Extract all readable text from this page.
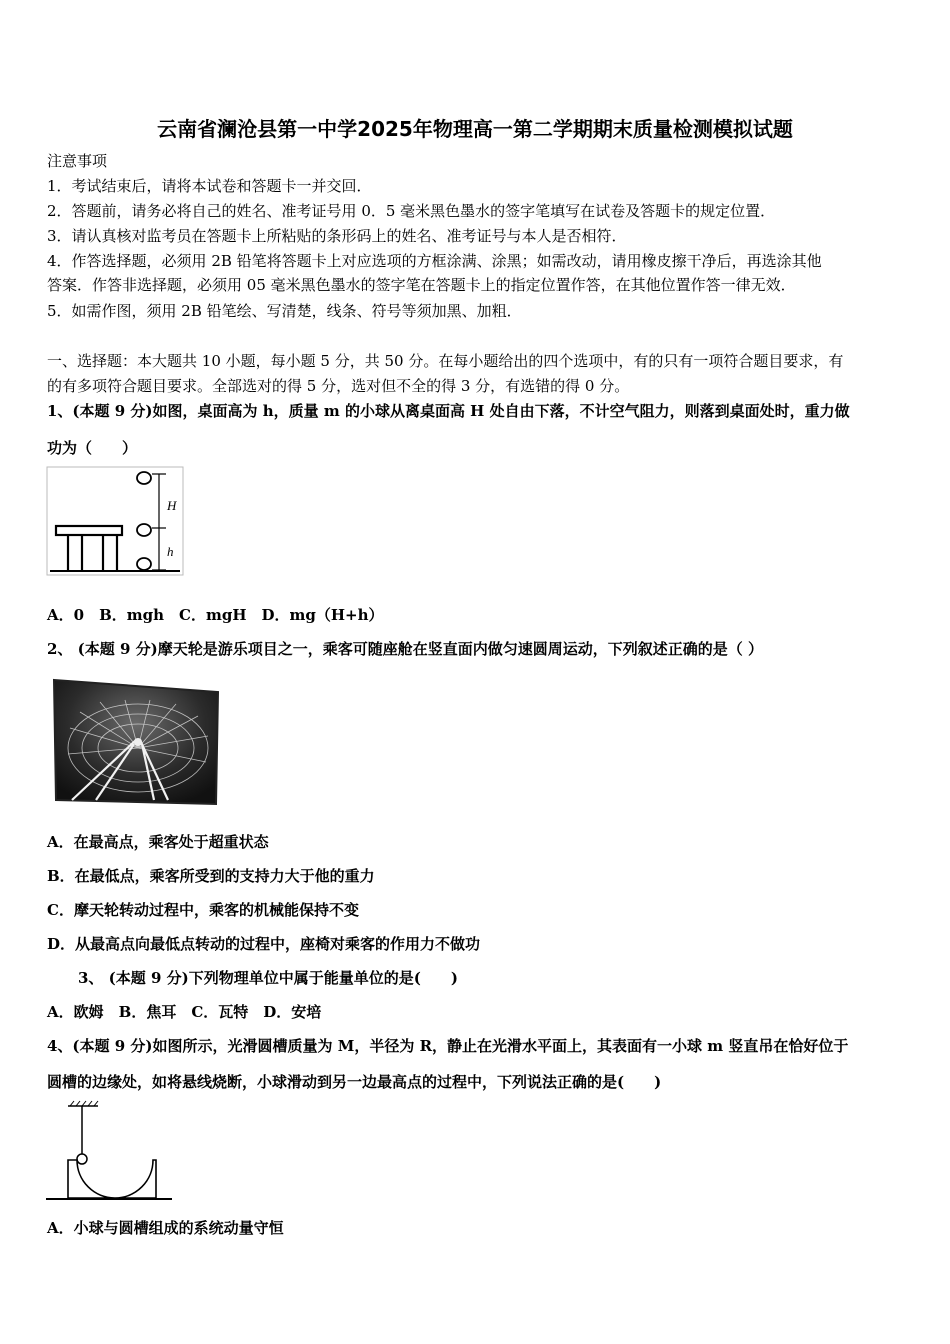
云南省澜沧县第一中学2025年物理高一第二学期期末质量检测模拟试题
注意事项
1．考试结束后，请将本试卷和答题卡一并交回．
2．答题前，请务必将自己的姓名、准考证号用 0．5 毫米黑色墨水的签字笔填写在试卷及答题卡的规定位置．
3．请认真核对监考员在答题卡上所粘贴的条形码上的姓名、准考证号与本人是否相符．
4．作答选择题，必须用 2B 铅笔将答题卡上对应选项的方框涂满、涂黑；如需改动，请用橡皮擦干净后，再选涂其他
答案．作答非选择题，必须用 05 毫米黑色墨水的签字笔在答题卡上的指定位置作答，在其他位置作答一律无效．
5．如需作图，须用 2B 铅笔绘、写清楚，线条、符号等须加黑、加粗．
一、选择题：本大题共 10 小题，每小题 5 分，共 50 分。在每小题给出的四个选项中，有的只有一项符合题目要求，有
的有多项符合题目要求。全部选对的得 5 分，选对但不全的得 3 分，有选错的得 0 分。
1、(本题 9 分)如图，桌面高为 h，质量 m 的小球从离桌面高 H 处自由下落，不计空气阻力，则落到桌面处时，重力做
功为（　　）
H
h
A．0　B．mgh　C．mgH　D．mg（H+h）
2、 (本题 9 分)摩天轮是游乐项目之一，乘客可随座舱在竖直面内做匀速圆周运动，下列叙述正确的是（ ）
A．在最高点，乘客处于超重状态
B．在最低点，乘客所受到的支持力大于他的重力
C．摩天轮转动过程中，乘客的机械能保持不变
D．从最高点向最低点转动的过程中，座椅对乘客的作用力不做功
3、 (本题 9 分)下列物理单位中属于能量单位的是(　　)
A．欧姆　B．焦耳　C．瓦特　D．安培
4、(本题 9 分)如图所示，光滑圆槽质量为 M，半径为 R，静止在光滑水平面上，其表面有一小球 m 竖直吊在恰好位于
圆槽的边缘处，如将悬线烧断，小球滑动到另一边最高点的过程中，下列说法正确的是(　　)
A．小球与圆槽组成的系统动量守恒
